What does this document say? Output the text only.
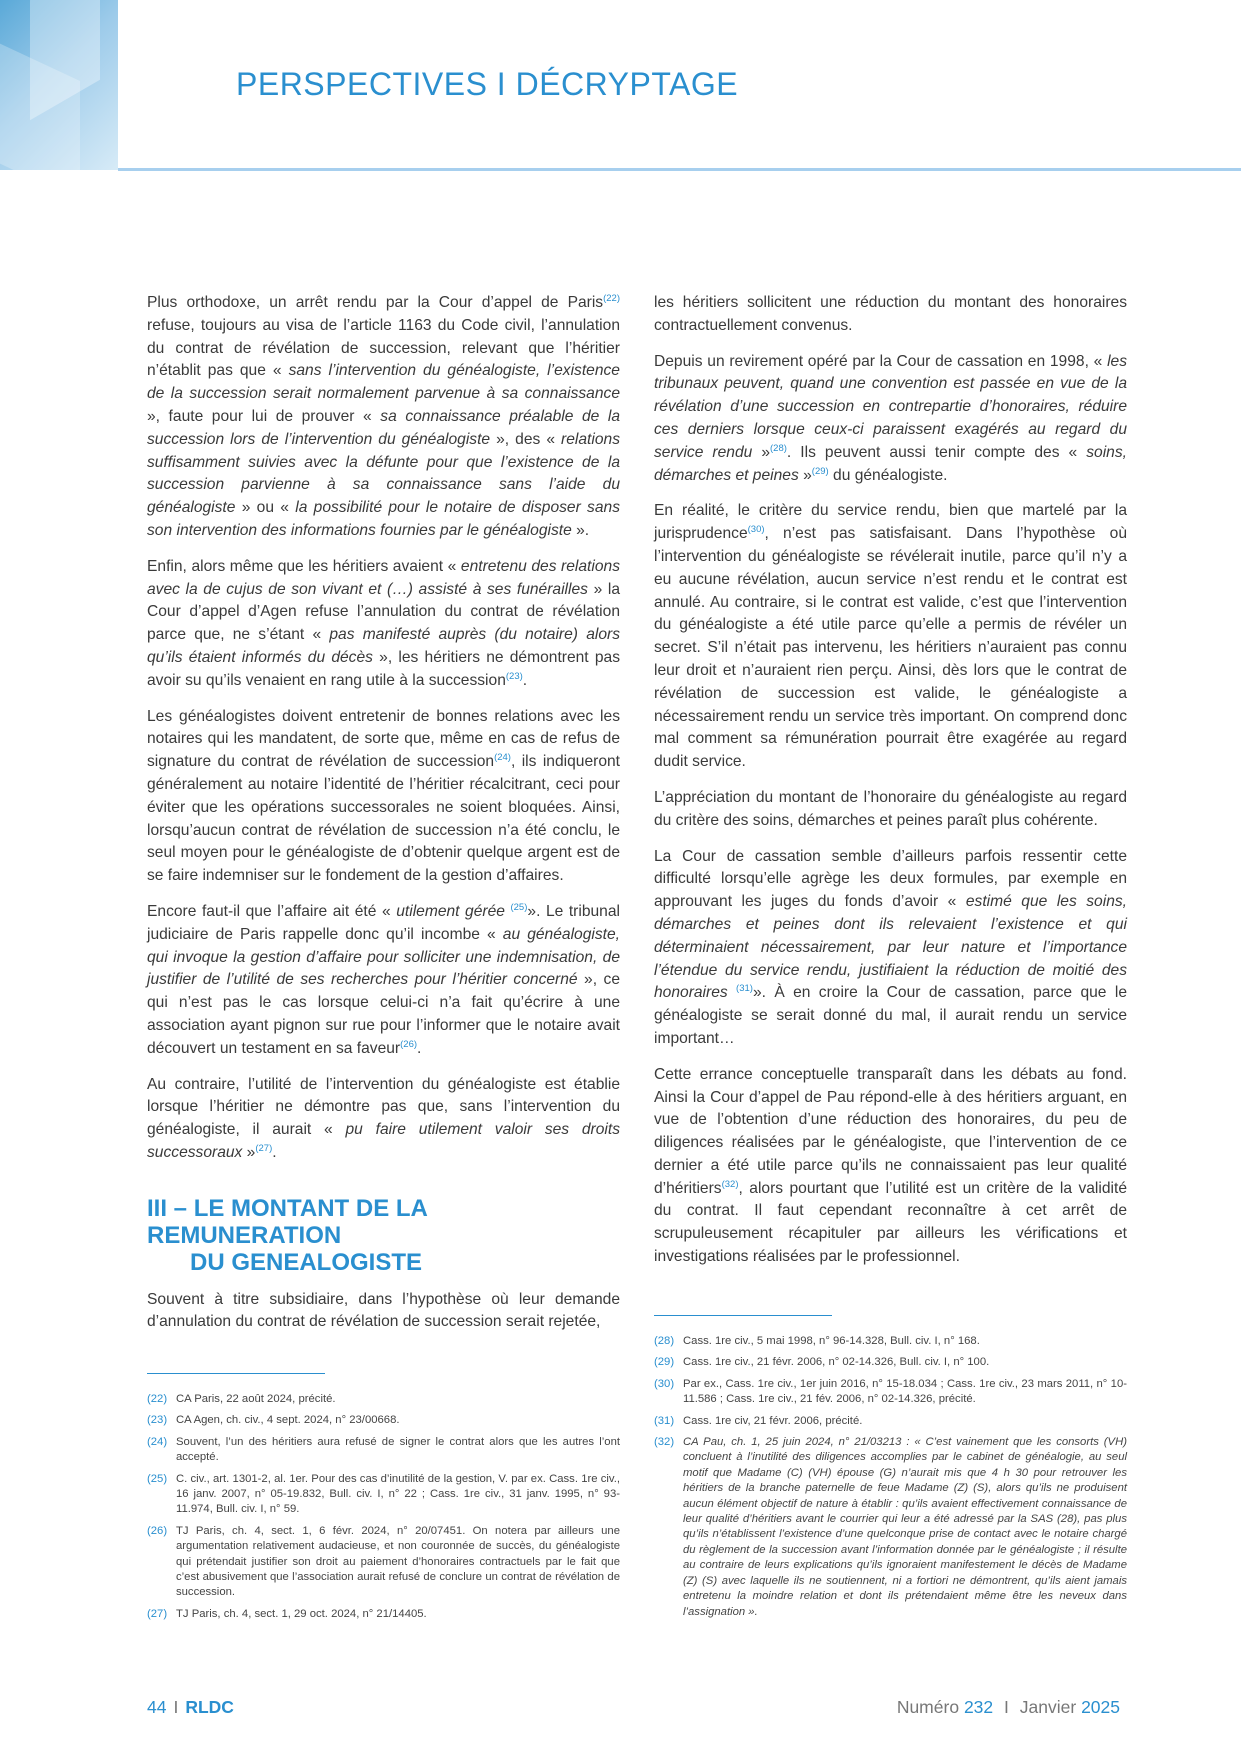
PERSPECTIVES I DÉCRYPTAGE

Plus orthodoxe, un arrêt rendu par la Cour d’appel de Paris$^{(22)}$ refuse, toujours au visa de l’article 1163 du Code civil, l’annulation du contrat de révélation de succession, relevant que l’héritier n’établit pas que « sans l’intervention du généalogiste, l’existence de la succession serait normalement parvenue à sa connaissance », faute pour lui de prouver « sa connaissance préalable de la succession lors de l’intervention du généalogiste », des « relations suffisamment suivies avec la défunte pour que l’existence de la succession parvienne à sa connaissance sans l’aide du généalogiste » ou « la possibilité pour le notaire de disposer sans son intervention des informations fournies par le généalogiste ».

Enfin, alors même que les héritiers avaient « entretenu des relations avec la de cujus de son vivant et (…) assisté à ses funérailles » la Cour d’appel d’Agen refuse l’annulation du contrat de révélation parce que, ne s’étant « pas manifesté auprès (du notaire) alors qu’ils étaient informés du décès », les héritiers ne démontrent pas avoir su qu’ils venaient en rang utile à la succession$^{(23)}$.

Les généalogistes doivent entretenir de bonnes relations avec les notaires qui les mandatent, de sorte que, même en cas de refus de signature du contrat de révélation de succession$^{(24)}$, ils indiqueront généralement au notaire l’identité de l’héritier récalcitrant, ceci pour éviter que les opérations successorales ne soient bloquées. Ainsi, lorsqu’aucun contrat de révélation de succession n’a été conclu, le seul moyen pour le généalogiste de d’obtenir quelque argent est de se faire indemniser sur le fondement de la gestion d’affaires.

Encore faut-il que l’affaire ait été « utilement gérée $^{(25)}$». Le tribunal judiciaire de Paris rappelle donc qu’il incombe « au généalogiste, qui invoque la gestion d’affaire pour solliciter une indemnisation, de justifier de l’utilité de ses recherches pour l’héritier concerné », ce qui n’est pas le cas lorsque celui-ci n’a fait qu’écrire à une association ayant pignon sur rue pour l’informer que le notaire avait découvert un testament en sa faveur$^{(26)}$.

Au contraire, l’utilité de l’intervention du généalogiste est établie lorsque l’héritier ne démontre pas que, sans l’intervention du généalogiste, il aurait « pu faire utilement valoir ses droits successoraux »$^{(27)}$.

III – LE MONTANT DE LA REMUNERATION
DU GENEALOGISTE

Souvent à titre subsidiaire, dans l’hypothèse où leur demande d’annulation du contrat de révélation de succession serait rejetée,

les héritiers sollicitent une réduction du montant des honoraires contractuellement convenus.

Depuis un revirement opéré par la Cour de cassation en 1998, « les tribunaux peuvent, quand une convention est passée en vue de la révélation d’une succession en contrepartie d’honoraires, réduire ces derniers lorsque ceux-ci paraissent exagérés au regard du service rendu »$^{(28)}$. Ils peuvent aussi tenir compte des « soins, démarches et peines »$^{(29)}$ du généalogiste.

En réalité, le critère du service rendu, bien que martelé par la jurisprudence$^{(30)}$, n’est pas satisfaisant. Dans l’hypothèse où l’intervention du généalogiste se révélerait inutile, parce qu’il n’y a eu aucune révélation, aucun service n’est rendu et le contrat est annulé. Au contraire, si le contrat est valide, c’est que l’intervention du généalogiste a été utile parce qu’elle a permis de révéler un secret. S’il n’était pas intervenu, les héritiers n’auraient pas connu leur droit et n’auraient rien perçu. Ainsi, dès lors que le contrat de révélation de succession est valide, le généalogiste a nécessairement rendu un service très important. On comprend donc mal comment sa rémunération pourrait être exagérée au regard dudit service.

L’appréciation du montant de l’honoraire du généalogiste au regard du critère des soins, démarches et peines paraît plus cohérente.

La Cour de cassation semble d’ailleurs parfois ressentir cette difficulté lorsqu’elle agrège les deux formules, par exemple en approuvant les juges du fonds d’avoir « estimé que les soins, démarches et peines dont ils relevaient l’existence et qui déterminaient nécessairement, par leur nature et l’importance l’étendue du service rendu, justifiaient la réduction de moitié des honoraires $^{(31)}$». À en croire la Cour de cassation, parce que le généalogiste se serait donné du mal, il aurait rendu un service important…

Cette errance conceptuelle transparaît dans les débats au fond. Ainsi la Cour d’appel de Pau répond-elle à des héritiers arguant, en vue de l’obtention d’une réduction des honoraires, du peu de diligences réalisées par le généalogiste, que l’intervention de ce dernier a été utile parce qu’ils ne connaissaient pas leur qualité d’héritiers$^{(32)}$, alors pourtant que l’utilité est un critère de la validité du contrat. Il faut cependant reconnaître à cet arrêt de scrupuleusement récapituler par ailleurs les vérifications et investigations réalisées par le professionnel.

(22) CA Paris, 22 août 2024, précité.
(23) CA Agen, ch. civ., 4 sept. 2024, n° 23/00668.
(24) Souvent, l’un des héritiers aura refusé de signer le contrat alors que les autres l’ont accepté.
(25) C. civ., art. 1301-2, al. 1er. Pour des cas d’inutilité de la gestion, V. par ex. Cass. 1re civ., 16 janv. 2007, n° 05-19.832, Bull. civ. I, n° 22 ; Cass. 1re civ., 31 janv. 1995, n° 93-11.974, Bull. civ. I, n° 59.
(26) TJ Paris, ch. 4, sect. 1, 6 févr. 2024, n° 20/07451. On notera par ailleurs une argumentation relativement audacieuse, et non couronnée de succès, du généalogiste qui prétendait justifier son droit au paiement d’honoraires contractuels par le fait que c’est abusivement que l’association aurait refusé de conclure un contrat de révélation de succession.
(27) TJ Paris, ch. 4, sect. 1, 29 oct. 2024, n° 21/14405.
(28) Cass. 1re civ., 5 mai 1998, n° 96-14.328, Bull. civ. I, n° 168.
(29) Cass. 1re civ., 21 févr. 2006, n° 02-14.326, Bull. civ. I, n° 100.
(30) Par ex., Cass. 1re civ., 1er juin 2016, n° 15-18.034 ; Cass. 1re civ., 23 mars 2011, n° 10-11.586 ; Cass. 1re civ., 21 fév. 2006, n° 02-14.326, précité.
(31) Cass. 1re civ, 21 févr. 2006, précité.
(32) CA Pau, ch. 1, 25 juin 2024, n° 21/03213 : « C’est vainement que les consorts (VH) concluent à l’inutilité des diligences accomplies par le cabinet de généalogie, au seul motif que Madame (C) (VH) épouse (G) n’aurait mis que 4 h 30 pour retrouver les héritiers de la branche paternelle de feue Madame (Z) (S), alors qu’ils ne produisent aucun élément objectif de nature à établir : qu’ils avaient effectivement connaissance de leur qualité d’héritiers avant le courrier qui leur a été adressé par la SAS (28), pas plus qu’ils n’établissent l’existence d’une quelconque prise de contact avec le notaire chargé du règlement de la succession avant l’information donnée par le généalogiste ; il résulte au contraire de leurs explications qu’ils ignoraient manifestement le décès de Madame (Z) (S) avec laquelle ils ne soutiennent, ni a fortiori ne démontrent, qu’ils aient jamais entretenu la moindre relation et dont ils prétendaient même être les neveux dans l’assignation ».
44 I RLDC	Numéro 232 I Janvier 2025
